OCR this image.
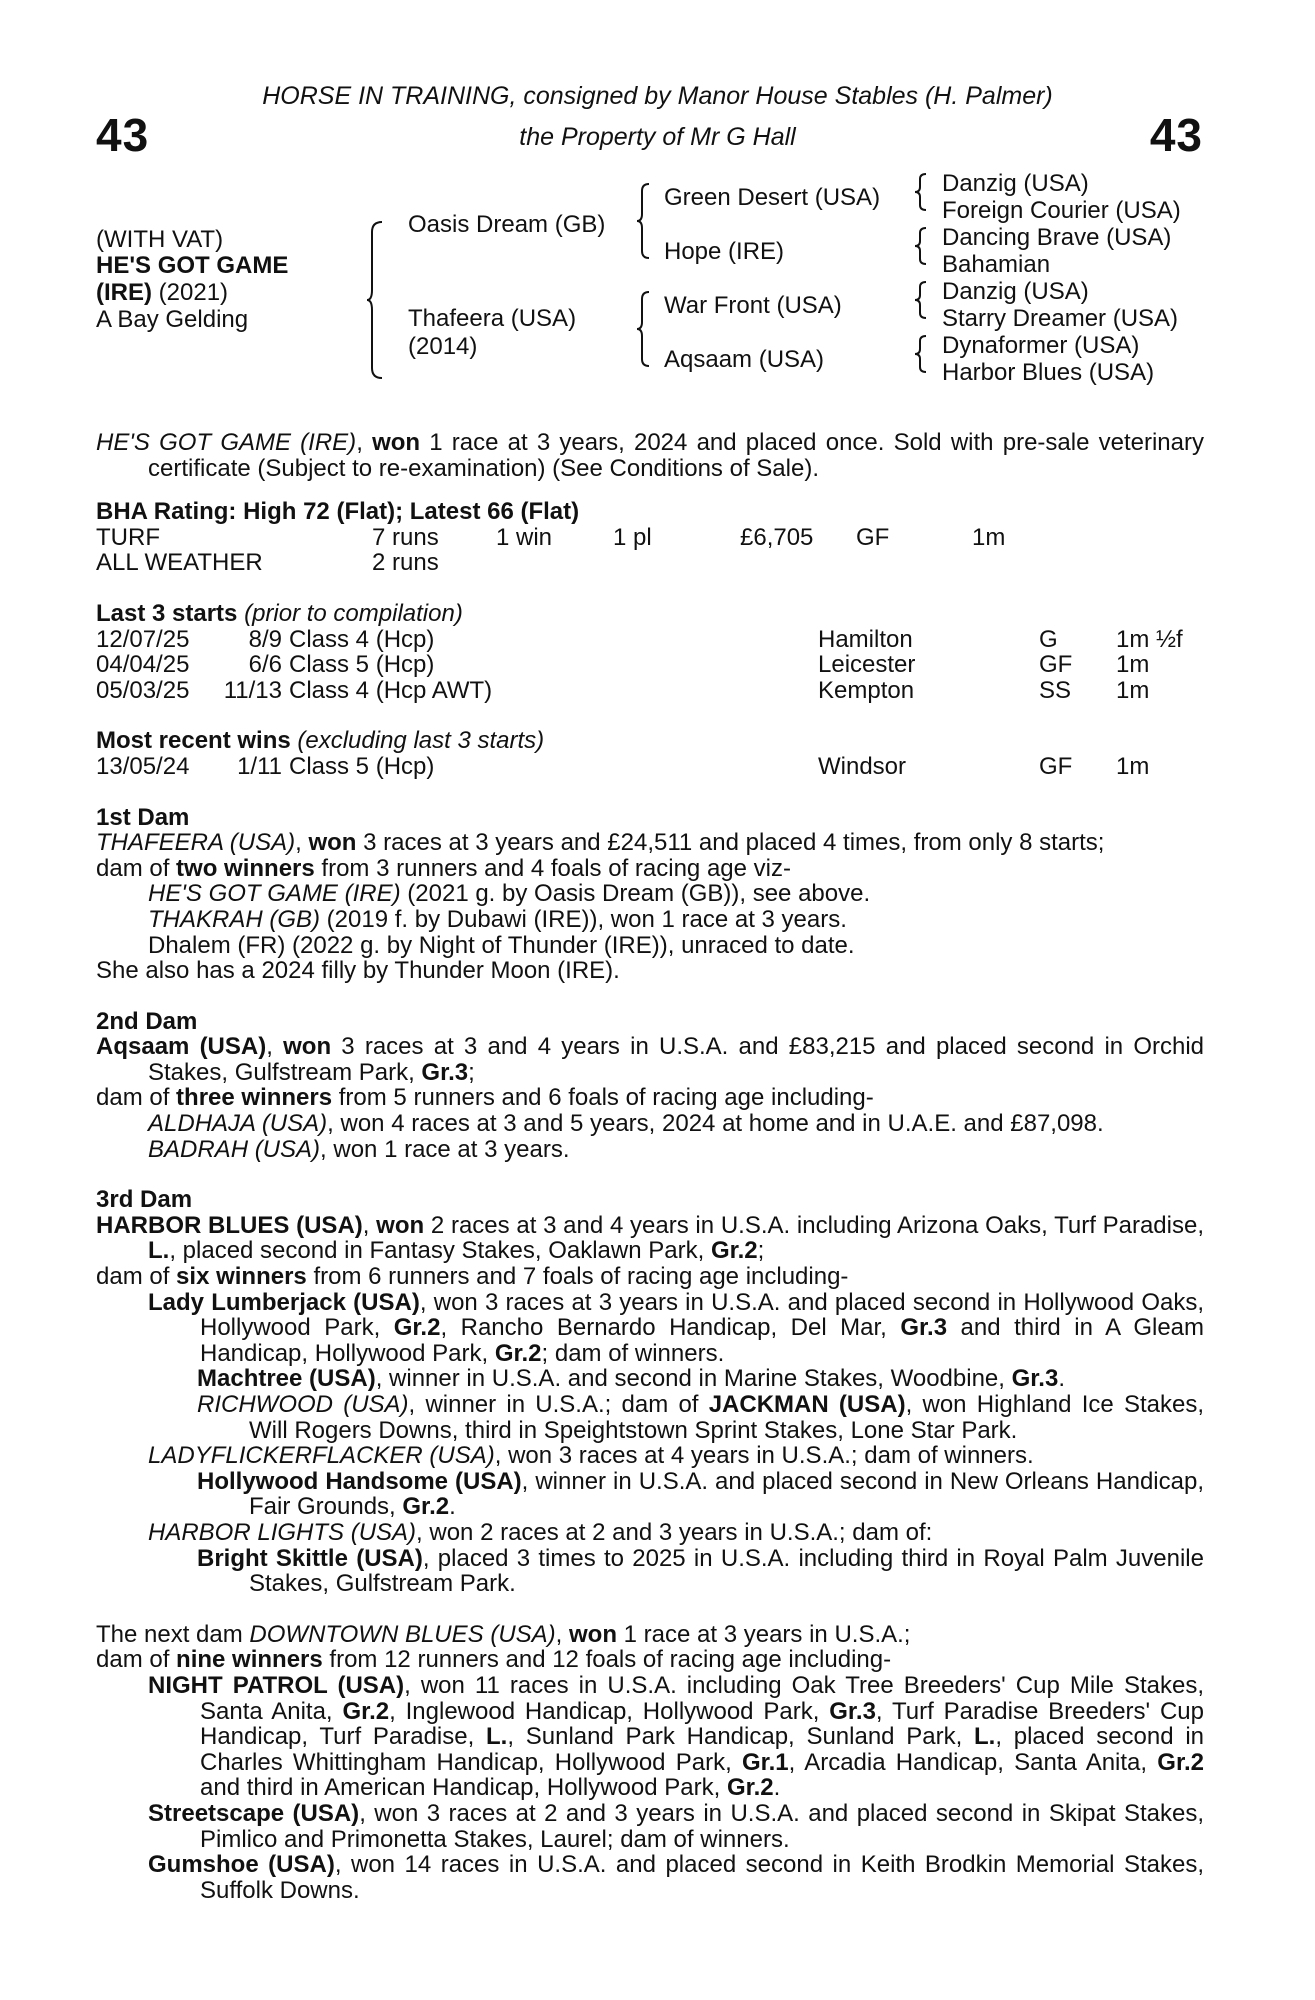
43	43
HORSE IN TRAINING, consigned by Manor House Stables (H. Palmer)
the Property of Mr G Hall
(WITH VAT)
HE'S GOT GAME
(IRE) (2021)
A Bay Gelding
Oasis Dream (GB)
Thafeera (USA)
(2014)
Green Desert (USA)
Hope (IRE)
War Front (USA)
Aqsaam (USA)
Danzig (USA)
Foreign Courier (USA)
Dancing Brave (USA)
Bahamian
Danzig (USA)
Starry Dreamer (USA)
Dynaformer (USA)
Harbor Blues (USA)

HE'S GOT GAME (IRE), won 1 race at 3 years, 2024 and placed once. Sold with pre-sale veterinary certificate (Subject to re-examination) (See Conditions of Sale).

BHA Rating: High 72 (Flat); Latest 66 (Flat)

TURF	7 runs 1 win	1 pl	£6,705 GF	1m
ALL WEATHER	2 runs

Last 3 starts (prior to compilation)

12/07/25	8/9 Class 4 (Hcp)	Hamilton	G 1m ½f
04/04/25	6/6 Class 5 (Hcp)	Leicester	GF 1m
05/03/25 11/13 Class 4 (Hcp AWT)	Kempton	SS 1m

Most recent wins (excluding last 3 starts)

13/05/24 1/11 Class 5 (Hcp)	Windsor	GF 1m

1st Dam

THAFEERA (USA), won 3 races at 3 years and £24,511 and placed 4 times, from only 8 starts;

dam of two winners from 3 runners and 4 foals of racing age viz-

HE'S GOT GAME (IRE) (2021 g. by Oasis Dream (GB)), see above.

THAKRAH (GB) (2019 f. by Dubawi (IRE)), won 1 race at 3 years.

Dhalem (FR) (2022 g. by Night of Thunder (IRE)), unraced to date.

She also has a 2024 filly by Thunder Moon (IRE).

2nd Dam

Aqsaam (USA), won 3 races at 3 and 4 years in U.S.A. and £83,215 and placed second in Orchid Stakes, Gulfstream Park, Gr.3;

dam of three winners from 5 runners and 6 foals of racing age including-

ALDHAJA (USA), won 4 races at 3 and 5 years, 2024 at home and in U.A.E. and £87,098.

BADRAH (USA), won 1 race at 3 years.

3rd Dam

HARBOR BLUES (USA), won 2 races at 3 and 4 years in U.S.A. including Arizona Oaks, Turf Paradise, L., placed second in Fantasy Stakes, Oaklawn Park, Gr.2;

dam of six winners from 6 runners and 7 foals of racing age including-

Lady Lumberjack (USA), won 3 races at 3 years in U.S.A. and placed second in Hollywood Oaks, Hollywood Park, Gr.2, Rancho Bernardo Handicap, Del Mar, Gr.3 and third in A Gleam Handicap, Hollywood Park, Gr.2; dam of winners.

Machtree (USA), winner in U.S.A. and second in Marine Stakes, Woodbine, Gr.3.

RICHWOOD (USA), winner in U.S.A.; dam of JACKMAN (USA), won Highland Ice Stakes, Will Rogers Downs, third in Speightstown Sprint Stakes, Lone Star Park.

LADYFLICKERFLACKER (USA), won 3 races at 4 years in U.S.A.; dam of winners.

Hollywood Handsome (USA), winner in U.S.A. and placed second in New Orleans Handicap, Fair Grounds, Gr.2.

HARBOR LIGHTS (USA), won 2 races at 2 and 3 years in U.S.A.; dam of:

Bright Skittle (USA), placed 3 times to 2025 in U.S.A. including third in Royal Palm Juvenile Stakes, Gulfstream Park.

The next dam DOWNTOWN BLUES (USA), won 1 race at 3 years in U.S.A.;

dam of nine winners from 12 runners and 12 foals of racing age including-

NIGHT PATROL (USA), won 11 races in U.S.A. including Oak Tree Breeders' Cup Mile Stakes, Santa Anita, Gr.2, Inglewood Handicap, Hollywood Park, Gr.3, Turf Paradise Breeders' Cup Handicap, Turf Paradise, L., Sunland Park Handicap, Sunland Park, L., placed second in Charles Whittingham Handicap, Hollywood Park, Gr.1, Arcadia Handicap, Santa Anita, Gr.2 and third in American Handicap, Hollywood Park, Gr.2.

Streetscape (USA), won 3 races at 2 and 3 years in U.S.A. and placed second in Skipat Stakes, Pimlico and Primonetta Stakes, Laurel; dam of winners.

Gumshoe (USA), won 14 races in U.S.A. and placed second in Keith Brodkin Memorial Stakes, Suffolk Downs.
